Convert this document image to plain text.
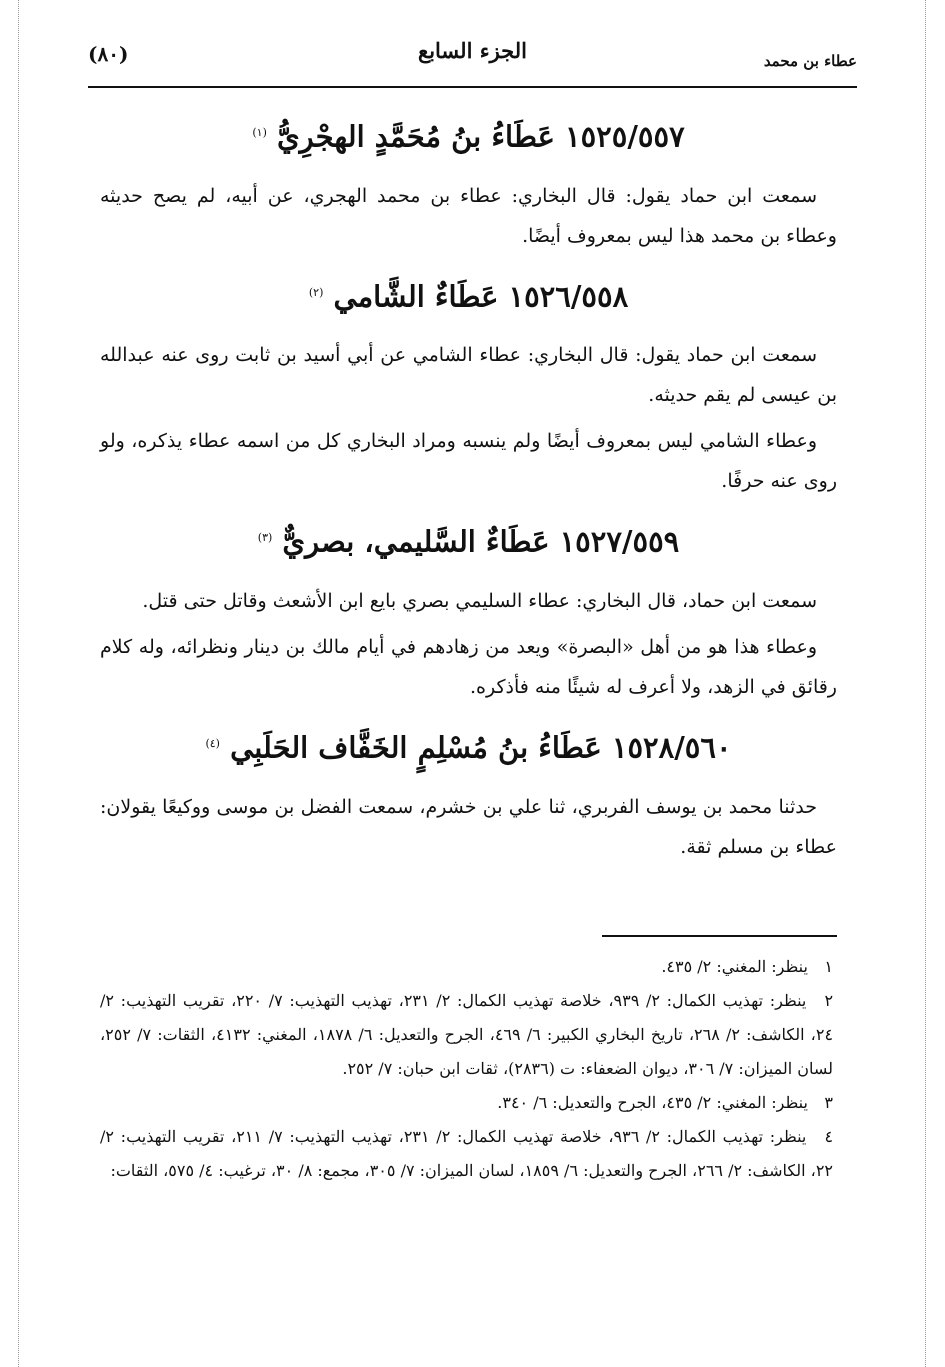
(٨٠)	الجزء السابع	عطاء بن محمد
١٥٢٥/٥٥٧ عَطَاءُ بنُ مُحَمَّدٍ الهجْرِيُّ $^{(١)}$

سمعت ابن حماد يقول: قال البخاري: عطاء بن محمد الهجري، عن أبيه، لم يصح حديثه وعطاء بن محمد هذا ليس بمعروف أيضًا.

١٥٢٦/٥٥٨ عَطَاءٌ الشَّامي $^{(٢)}$

سمعت ابن حماد يقول: قال البخاري: عطاء الشامي عن أبي أسيد بن ثابت روى عنه عبدالله بن عيسى لم يقم حديثه.

وعطاء الشامي ليس بمعروف أيضًا ولم ينسبه ومراد البخاري كل من اسمه عطاء يذكره، ولو روى عنه حرفًا.

١٥٢٧/٥٥٩ عَطَاءٌ السَّليمي، بصريٌّ $^{(٣)}$

سمعت ابن حماد، قال البخاري: عطاء السليمي بصري بايع ابن الأشعث وقاتل حتى قتل.

وعطاء هذا هو من أهل «البصرة» ويعد من زهادهم في أيام مالك بن دينار ونظرائه، وله كلام رقائق في الزهد، ولا أعرف له شيئًا منه فأذكره.

١٥٢٨/٥٦٠ عَطَاءُ بنُ مُسْلِمٍ الخَفَّاف الحَلَبِي $^{(٤)}$

حدثنا محمد بن يوسف الفربري، ثنا علي بن خشرم، سمعت الفضل بن موسى ووكيعًا يقولان: عطاء بن مسلم ثقة.

١ ينظر: المغني: ٢/ ٤٣٥.

٢ ينظر: تهذيب الكمال: ٢/ ٩٣٩، خلاصة تهذيب الكمال: ٢/ ٢٣١، تهذيب التهذيب: ٧/ ٢٢٠، تقريب التهذيب: ٢/ ٢٤، الكاشف: ٢/ ٢٦٨، تاريخ البخاري الكبير: ٦/ ٤٦٩، الجرح والتعديل: ٦/ ١٨٧٨، المغني: ٤١٣٢، الثقات: ٧/ ٢٥٢، لسان الميزان: ٧/ ٣٠٦، ديوان الضعفاء: ت (٢٨٣٦)، ثقات ابن حبان: ٧/ ٢٥٢.

٣ ينظر: المغني: ٢/ ٤٣٥، الجرح والتعديل: ٦/ ٣٤٠.

٤ ينظر: تهذيب الكمال: ٢/ ٩٣٦، خلاصة تهذيب الكمال: ٢/ ٢٣١، تهذيب التهذيب: ٧/ ٢١١، تقريب التهذيب: ٢/ ٢٢، الكاشف: ٢/ ٢٦٦، الجرح والتعديل: ٦/ ١٨٥٩، لسان الميزان: ٧/ ٣٠٥، مجمع: ٨/ ٣٠، ترغيب: ٤/ ٥٧٥، الثقات:
